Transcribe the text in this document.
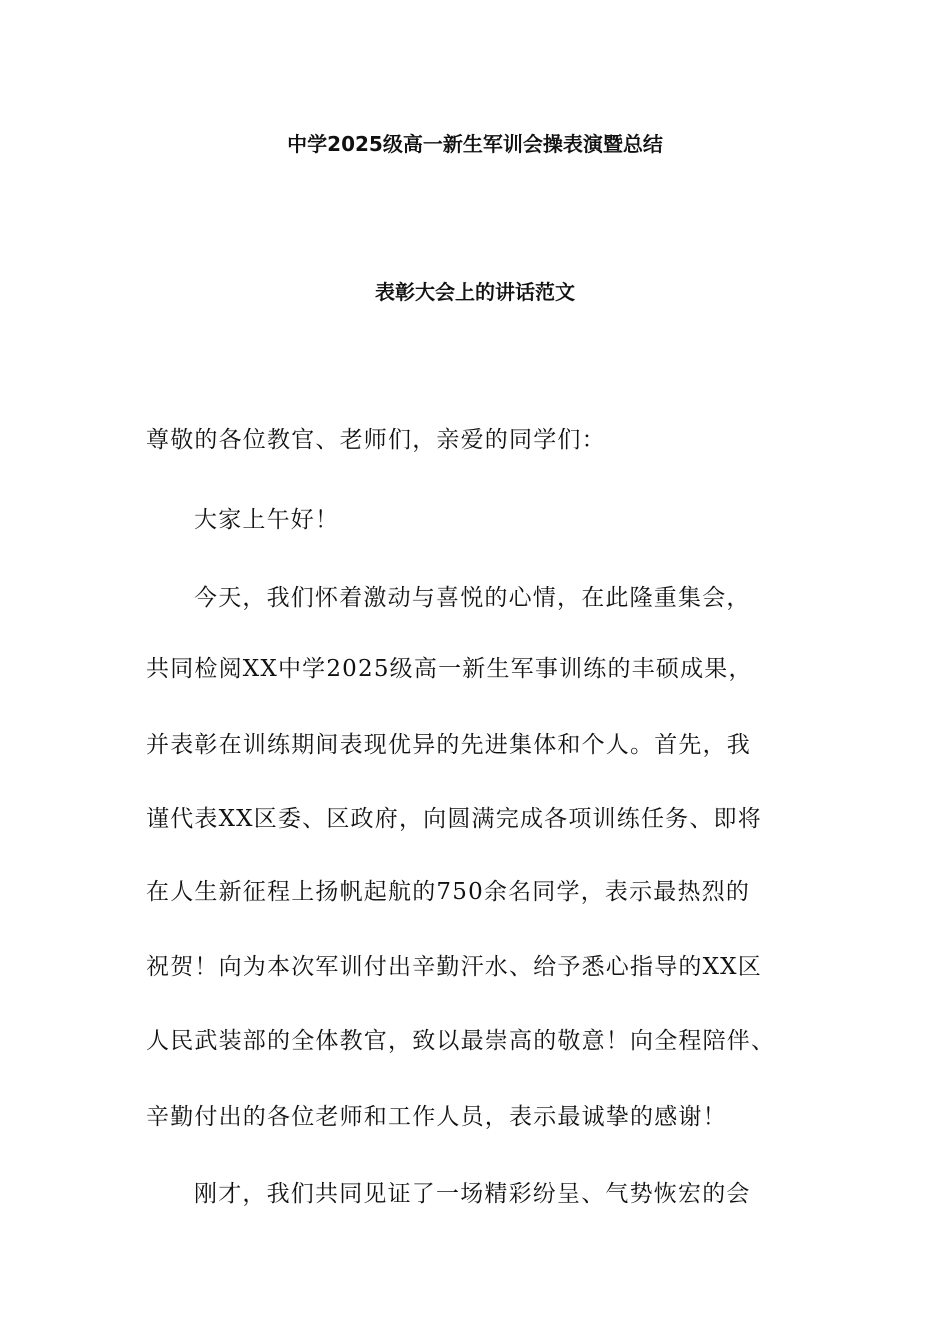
中学2025级高一新生军训会操表演暨总结
表彰大会上的讲话范文
尊敬的各位教官、老师们，亲爱的同学们：
大家上午好！
今天，我们怀着激动与喜悦的心情，在此隆重集会，
共同检阅XX中学2025级高一新生军事训练的丰硕成果，
并表彰在训练期间表现优异的先进集体和个人。首先，我
谨代表XX区委、区政府，向圆满完成各项训练任务、即将
在人生新征程上扬帆起航的750余名同学，表示最热烈的
祝贺！向为本次军训付出辛勤汗水、给予悉心指导的XX区
人民武装部的全体教官，致以最崇高的敬意！向全程陪伴、
辛勤付出的各位老师和工作人员，表示最诚挚的感谢！
刚才，我们共同见证了一场精彩纷呈、气势恢宏的会
